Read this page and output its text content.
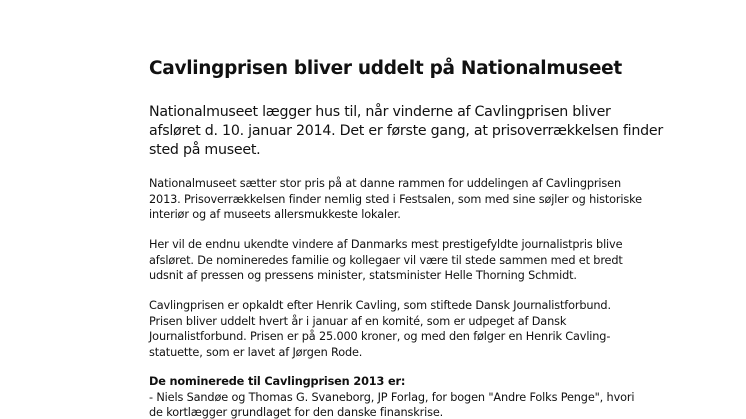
Cavlingprisen bliver uddelt på Nationalmuseet

Nationalmuseet lægger hus til, når vinderne af Cavlingprisen bliver
afsløret d. 10. januar 2014. Det er første gang, at prisoverrækkelsen finder
sted på museet.

Nationalmuseet sætter stor pris på at danne rammen for uddelingen af Cavlingprisen
2013. Prisoverrækkelsen finder nemlig sted i Festsalen, som med sine søjler og historiske
interiør og af museets allersmukkeste lokaler.

Her vil de endnu ukendte vindere af Danmarks mest prestigefyldte journalistpris blive
afsløret. De nomineredes familie og kollegaer vil være til stede sammen med et bredt
udsnit af pressen og pressens minister, statsminister Helle Thorning Schmidt.

Cavlingprisen er opkaldt efter Henrik Cavling, som stiftede Dansk Journalistforbund.
Prisen bliver uddelt hvert år i januar af en komité, som er udpeget af Dansk
Journalistforbund. Prisen er på 25.000 kroner, og med den følger en Henrik Cavling-
statuette, som er lavet af Jørgen Rode.

De nominerede til Cavlingprisen 2013 er:
- Niels Sandøe og Thomas G. Svaneborg, JP Forlag, for bogen "Andre Folks Penge", hvori
de kortlægger grundlaget for den danske finanskrise.
